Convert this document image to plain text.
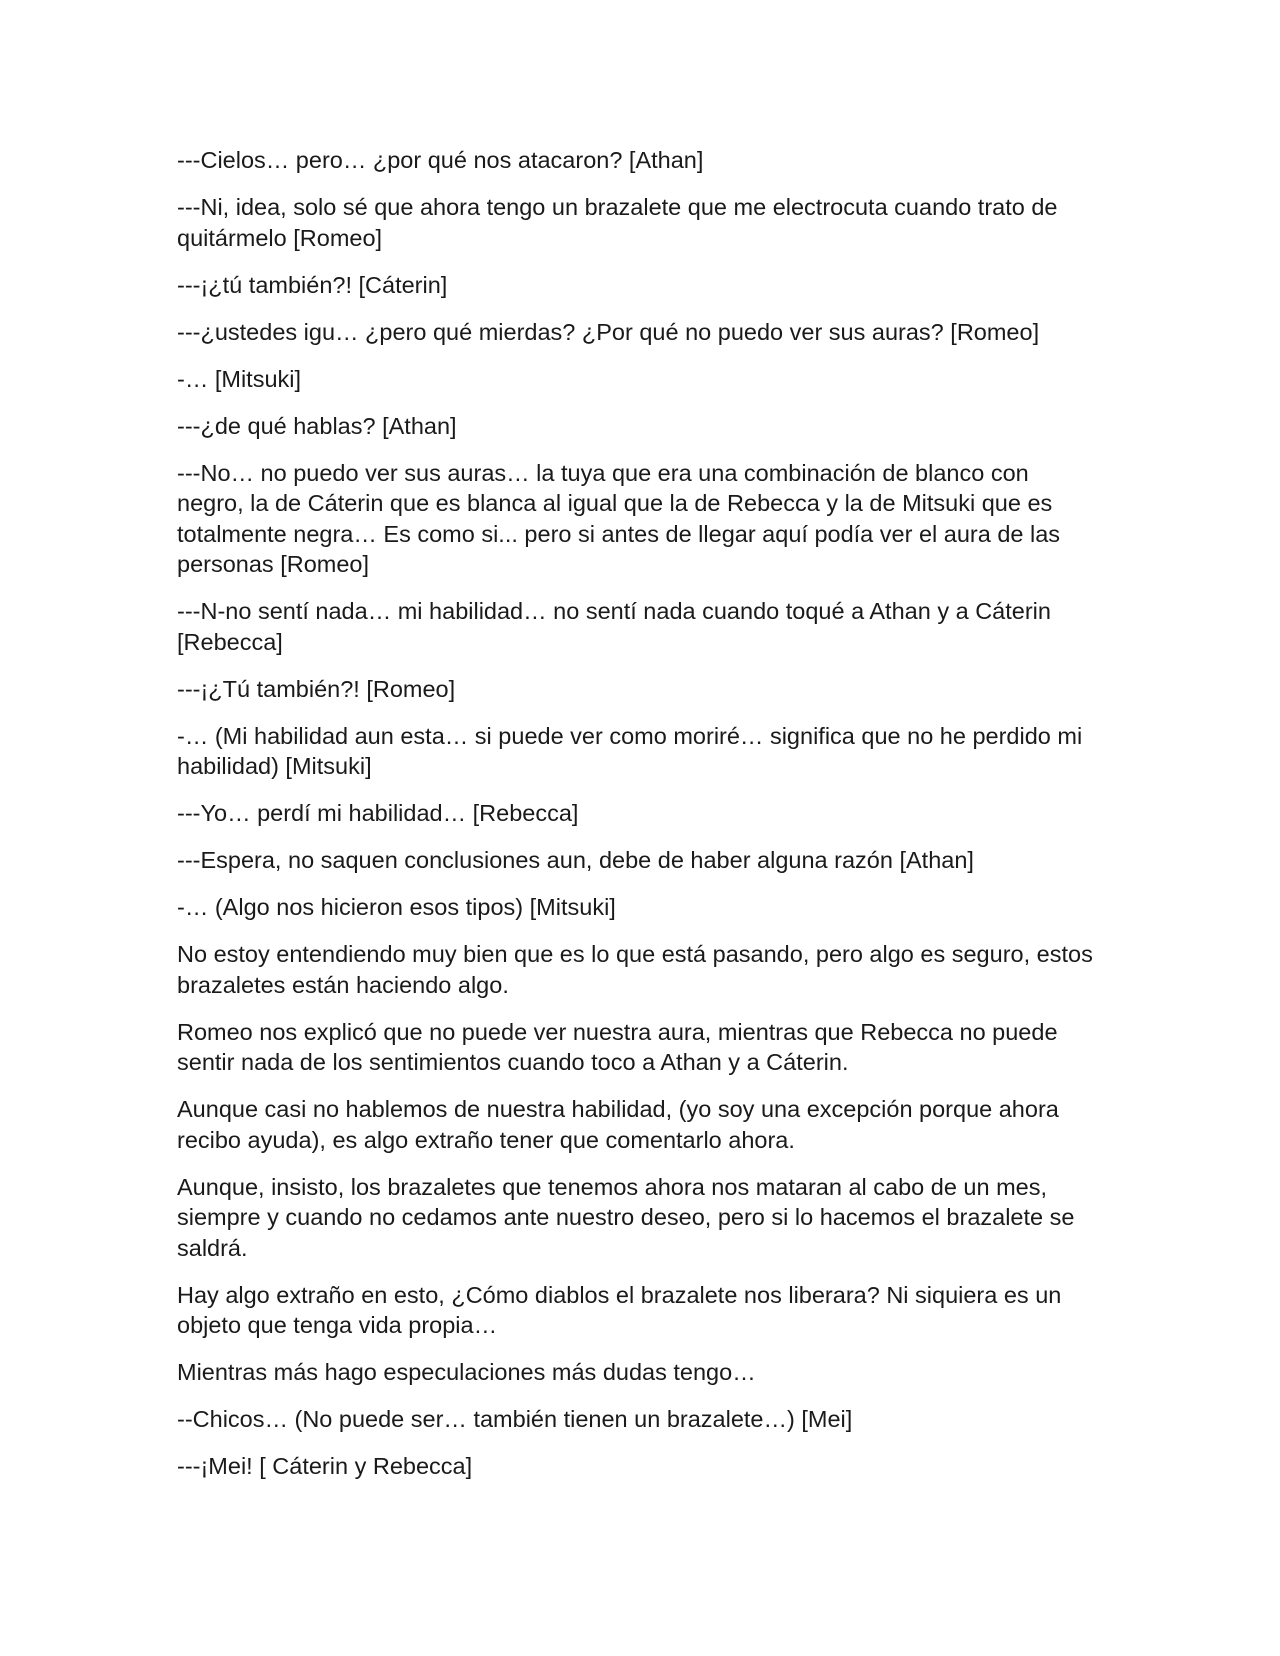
---Cielos… pero… ¿por qué nos atacaron? [Athan]

---Ni, idea, solo sé que ahora tengo un brazalete que me electrocuta cuando trato de quitármelo [Romeo]

---¡¿tú también?! [Cáterin]

---¿ustedes igu… ¿pero qué mierdas? ¿Por qué no puedo ver sus auras? [Romeo]

-… [Mitsuki]

---¿de qué hablas? [Athan]

---No… no puedo ver sus auras… la tuya que era una combinación de blanco con negro, la de Cáterin que es blanca al igual que la de Rebecca y la de Mitsuki que es totalmente negra… Es como si... pero si antes de llegar aquí podía ver el aura de las personas [Romeo]

---N-no sentí nada… mi habilidad… no sentí nada cuando toqué a Athan y a Cáterin [Rebecca]

---¡¿Tú también?! [Romeo]

-… (Mi habilidad aun esta… si puede ver como moriré… significa que no he perdido mi habilidad) [Mitsuki]

---Yo… perdí mi habilidad… [Rebecca]

---Espera, no saquen conclusiones aun, debe de haber alguna razón [Athan]

-… (Algo nos hicieron esos tipos) [Mitsuki]

No estoy entendiendo muy bien que es lo que está pasando, pero algo es seguro, estos brazaletes están haciendo algo.

Romeo nos explicó que no puede ver nuestra aura, mientras que Rebecca no puede sentir nada de los sentimientos cuando toco a Athan y a Cáterin.

Aunque casi no hablemos de nuestra habilidad, (yo soy una excepción porque ahora recibo ayuda), es algo extraño tener que comentarlo ahora.

Aunque, insisto, los brazaletes que tenemos ahora nos mataran al cabo de un mes, siempre y cuando no cedamos ante nuestro deseo, pero si lo hacemos el brazalete se saldrá.

Hay algo extraño en esto, ¿Cómo diablos el brazalete nos liberara? Ni siquiera es un objeto que tenga vida propia…

Mientras más hago especulaciones más dudas tengo…

--Chicos… (No puede ser… también tienen un brazalete…) [Mei]

---¡Mei! [ Cáterin y Rebecca]
